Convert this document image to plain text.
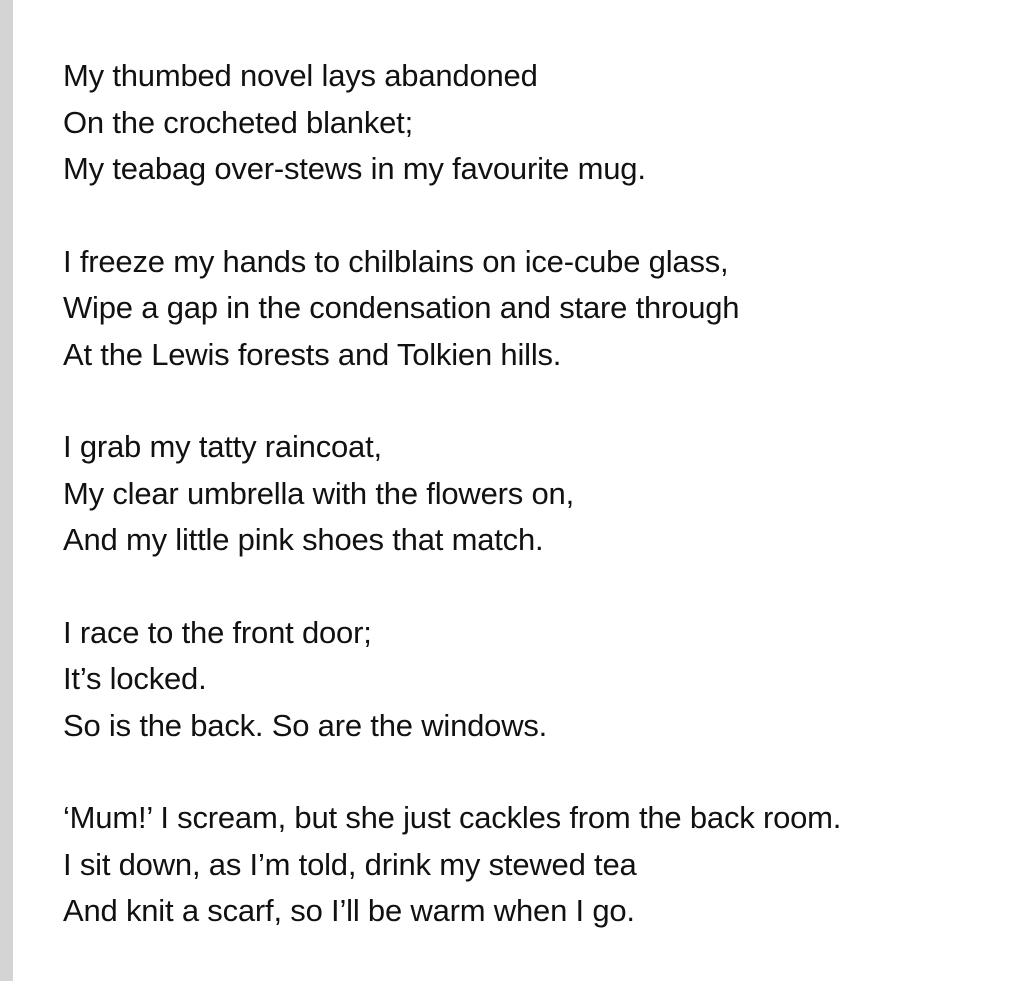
My thumbed novel lays abandoned
On the crocheted blanket;
My teabag over-stews in my favourite mug.
I freeze my hands to chilblains on ice-cube glass,
Wipe a gap in the condensation and stare through
At the Lewis forests and Tolkien hills.
I grab my tatty raincoat,
My clear umbrella with the flowers on,
And my little pink shoes that match.
I race to the front door;
It’s locked.
So is the back. So are the windows.
‘Mum!’ I scream, but she just cackles from the back room.
I sit down, as I’m told, drink my stewed tea
And knit a scarf, so I’ll be warm when I go.
